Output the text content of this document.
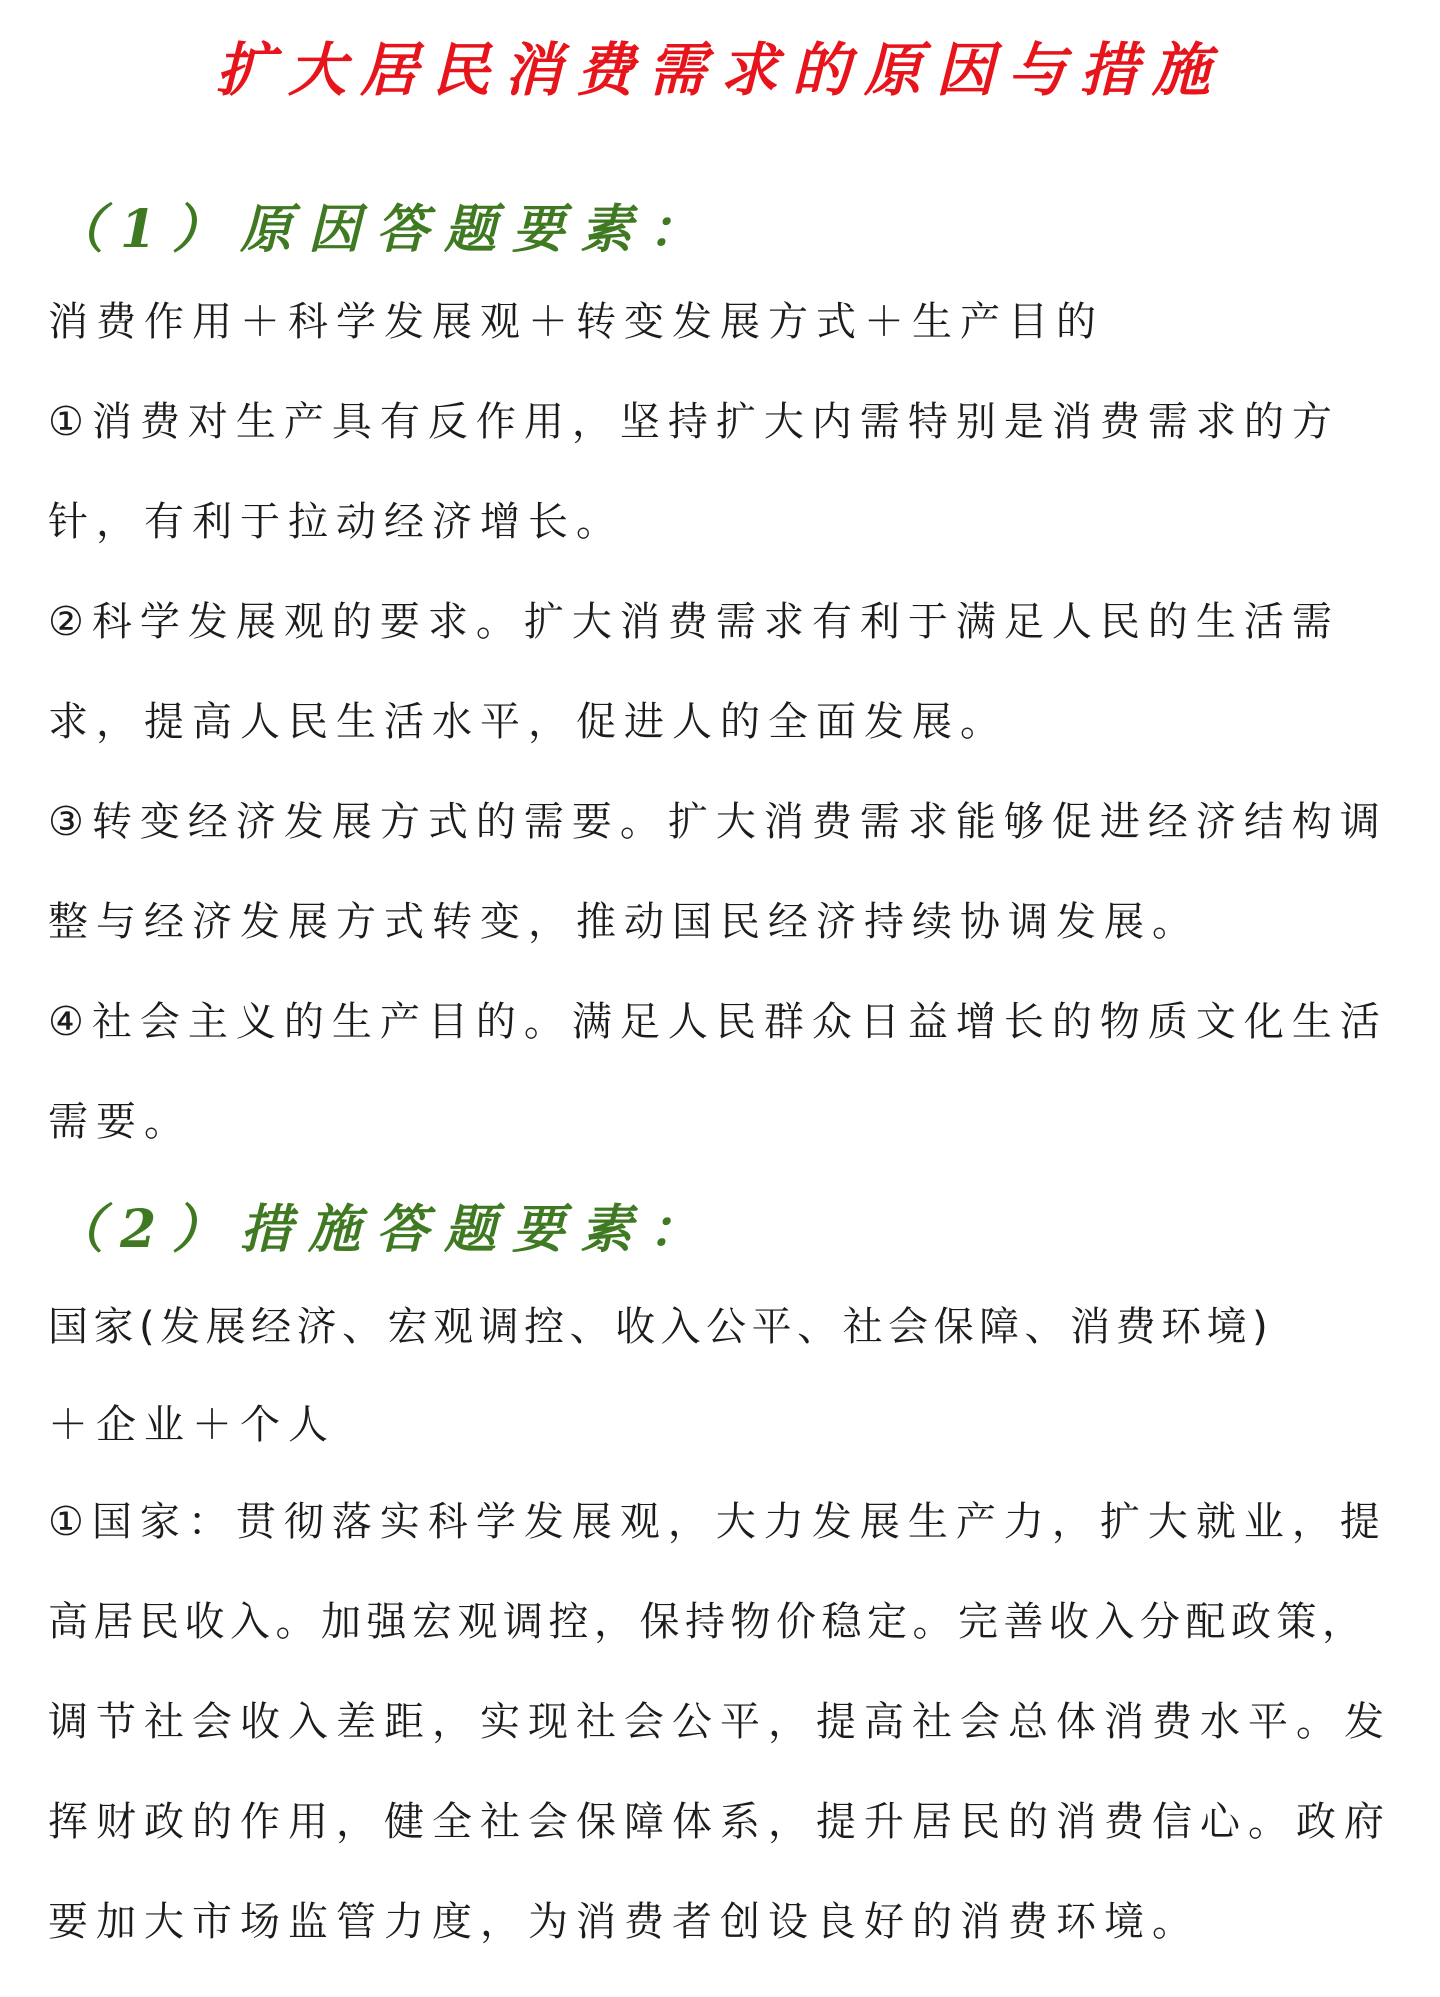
扩大居民消费需求的原因与措施
（1）原因答题要素：
消费作用＋科学发展观＋转变发展方式＋生产目的
①消费对生产具有反作用，坚持扩大内需特别是消费需求的方
针，有利于拉动经济增长。
②科学发展观的要求。扩大消费需求有利于满足人民的生活需
求，提高人民生活水平，促进人的全面发展。
③转变经济发展方式的需要。扩大消费需求能够促进经济结构调
整与经济发展方式转变，推动国民经济持续协调发展。
④社会主义的生产目的。满足人民群众日益增长的物质文化生活
需要。
（2）措施答题要素：
国家(发展经济、宏观调控、收入公平、社会保障、消费环境)
＋企业＋个人
①国家：贯彻落实科学发展观，大力发展生产力，扩大就业，提
高居民收入。加强宏观调控，保持物价稳定。完善收入分配政策，
调节社会收入差距，实现社会公平，提高社会总体消费水平。发
挥财政的作用，健全社会保障体系，提升居民的消费信心。政府
要加大市场监管力度，为消费者创设良好的消费环境。
